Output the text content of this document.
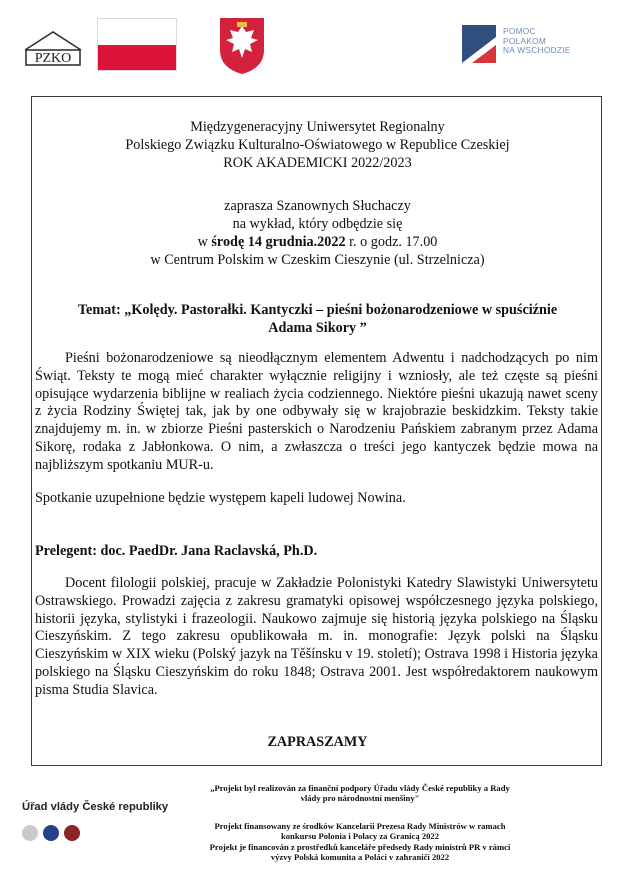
PZKO
POMOC
POLAKOM
NA WSCHODZIE
Międzygeneracyjny Uniwersytet Regionalny
Polskiego Związku Kulturalno-Oświatowego w Republice Czeskiej
ROK AKADEMICKI 2022/2023
zaprasza Szanownych Słuchaczy
na wykład, który odbędzie się
w środę 14 grudnia.2022 r. o godz. 17.00
w Centrum Polskim w Czeskim Cieszynie (ul. Strzelnicza)
Temat: „Kolędy. Pastorałki. Kantyczki – pieśni bożonarodzeniowe w spuściźnie
Adama Sikory ”
Pieśni bożonarodzeniowe są nieodłącznym elementem Adwentu i nadchodzących po nim Świąt. Teksty te mogą mieć charakter wyłącznie religijny i wzniosły, ale też częste są pieśni opisujące wydarzenia biblijne w realiach życia codziennego. Niektóre pieśni ukazują nawet sceny z życia Rodziny Świętej tak, jak by one odbywały się w krajobrazie beskidzkim. Teksty takie znajdujemy m. in. w zbiorze Pieśni pasterskich o Narodzeniu Pańskiem zabranym przez Adama Sikorę, rodaka z Jabłonkowa. O nim, a zwłaszcza o treści jego kantyczek będzie mowa na najbliższym spotkaniu MUR-u.
Spotkanie uzupełnione będzie występem kapeli ludowej Nowina.
Prelegent: doc. PaedDr. Jana Raclavská, Ph.D.
Docent filologii polskiej, pracuje w Zakładzie Polonistyki Katedry Slawistyki Uniwersytetu Ostrawskiego. Prowadzi zajęcia z zakresu gramatyki opisowej współczesnego języka polskiego, historii języka, stylistyki i frazeologii. Naukowo zajmuje się historią języka polskiego na Śląsku Cieszyńskim. Z tego zakresu opublikowała m. in. monografie: Język polski na Śląsku Cieszyńskim w XIX wieku (Polský jazyk na Těšínsku v 19. století); Ostrava 1998 i Historia języka polskiego na Śląsku Cieszyńskim do roku 1848; Ostrava 2001. Jest współredaktorem naukowym pisma Studia Slavica.
ZAPRASZAMY
Úřad vlády České republiky
„Projekt byl realizován za finanční podpory Úřadu vlády České republiky a Rady
vlády pro národnostní menšiny"
Projekt finansowany ze środków Kancelarii Prezesa Rady Ministrów w ramach
konkursu Polonia i Polacy za Granicą 2022
Projekt je financován z prostředků kanceláře předsedy Rady ministrů PR v rámci
výzvy Polská komunita a Poláci v zahraničí 2022
